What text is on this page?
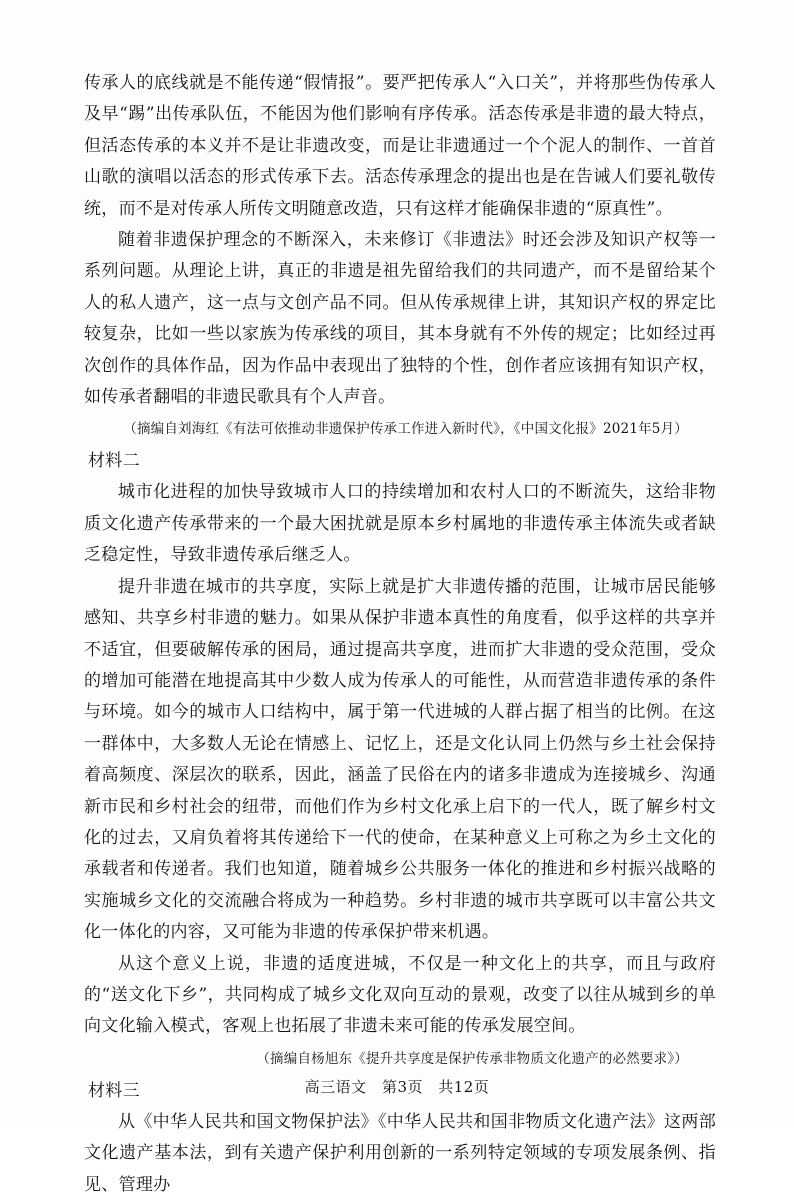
传承人的底线就是不能传递“假情报”。要严把传承人“入口关”，并将那些伪传承人及早“踢”出传承队伍，不能因为他们影响有序传承。活态传承是非遗的最大特点，但活态传承的本义并不是让非遗改变，而是让非遗通过一个个泥人的制作、一首首山歌的演唱以活态的形式传承下去。活态传承理念的提出也是在告诫人们要礼敬传统，而不是对传承人所传文明随意改造，只有这样才能确保非遗的“原真性”。

随着非遗保护理念的不断深入，未来修订《非遗法》时还会涉及知识产权等一系列问题。从理论上讲，真正的非遗是祖先留给我们的共同遗产，而不是留给某个人的私人遗产，这一点与文创产品不同。但从传承规律上讲，其知识产权的界定比较复杂，比如一些以家族为传承线的项目，其本身就有不外传的规定；比如经过再次创作的具体作品，因为作品中表现出了独特的个性，创作者应该拥有知识产权，如传承者翻唱的非遗民歌具有个人声音。

（摘编自刘海红《有法可依推动非遗保护传承工作进入新时代》，《中国文化报》2021年5月）

材料二

城市化进程的加快导致城市人口的持续增加和农村人口的不断流失，这给非物质文化遗产传承带来的一个最大困扰就是原本乡村属地的非遗传承主体流失或者缺乏稳定性，导致非遗传承后继乏人。

提升非遗在城市的共享度，实际上就是扩大非遗传播的范围，让城市居民能够感知、共享乡村非遗的魅力。如果从保护非遗本真性的角度看，似乎这样的共享并不适宜，但要破解传承的困局，通过提高共享度，进而扩大非遗的受众范围，受众的增加可能潜在地提高其中少数人成为传承人的可能性，从而营造非遗传承的条件与环境。如今的城市人口结构中，属于第一代进城的人群占据了相当的比例。在这一群体中，大多数人无论在情感上、记忆上，还是文化认同上仍然与乡土社会保持着高频度、深层次的联系，因此，涵盖了民俗在内的诸多非遗成为连接城乡、沟通新市民和乡村社会的纽带，而他们作为乡村文化承上启下的一代人，既了解乡村文化的过去，又肩负着将其传递给下一代的使命，在某种意义上可称之为乡土文化的承载者和传递者。我们也知道，随着城乡公共服务一体化的推进和乡村振兴战略的实施城乡文化的交流融合将成为一种趋势。乡村非遗的城市共享既可以丰富公共文化一体化的内容，又可能为非遗的传承保护带来机遇。

从这个意义上说，非遗的适度进城，不仅是一种文化上的共享，而且与政府的“送文化下乡”，共同构成了城乡文化双向互动的景观，改变了以往从城到乡的单向文化输入模式，客观上也拓展了非遗未来可能的传承发展空间。

（摘编自杨旭东《提升共享度是保护传承非物质文化遗产的必然要求》）

材料三

从《中华人民共和国文物保护法》《中华人民共和国非物质文化遗产法》这两部文化遗产基本法，到有关遗产保护利用创新的一系列特定领域的专项发展条例、指见、管理办

高三语文 第3页 共12页
